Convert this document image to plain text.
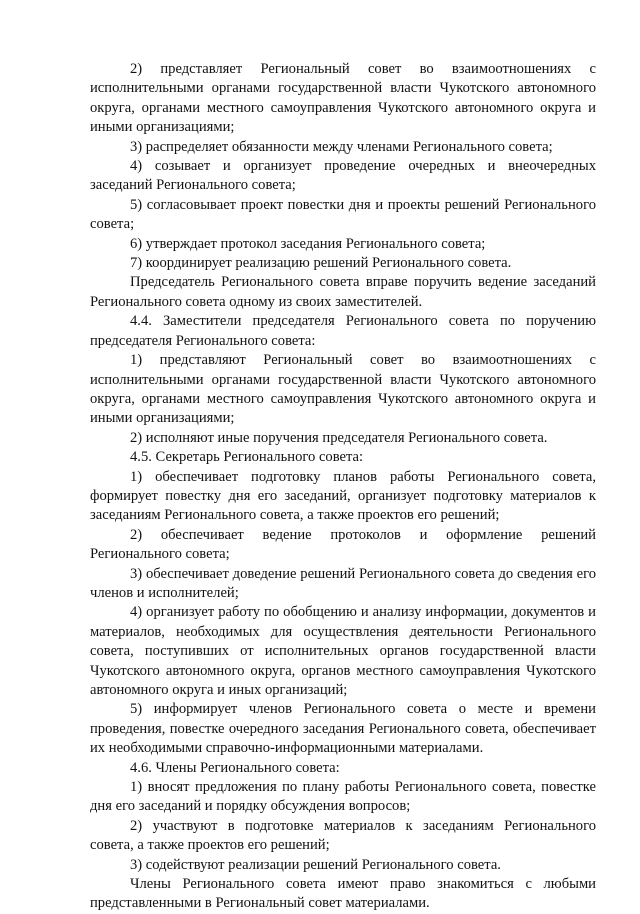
2) представляет Региональный совет во взаимоотношениях с исполнительными органами государственной власти Чукотского автономного округа, органами местного самоуправления Чукотского автономного округа и иными организациями;

3) распределяет обязанности между членами Регионального совета;

4) созывает и организует проведение очередных и внеочередных заседаний Регионального совета;

5) согласовывает проект повестки дня и проекты решений Регионального совета;

6) утверждает протокол заседания Регионального совета;

7) координирует реализацию решений Регионального совета.

Председатель Регионального совета вправе поручить ведение заседаний Регионального совета одному из своих заместителей.

4.4. Заместители председателя Регионального совета по поручению председателя Регионального совета:

1) представляют Региональный совет во взаимоотношениях с исполнительными органами государственной власти Чукотского автономного округа, органами местного самоуправления Чукотского автономного округа и иными организациями;

2) исполняют иные поручения председателя Регионального совета.

4.5. Секретарь Регионального совета:

1) обеспечивает подготовку планов работы Регионального совета, формирует повестку дня его заседаний, организует подготовку материалов к заседаниям Регионального совета, а также проектов его решений;

2) обеспечивает ведение протоколов и оформление решений Регионального совета;

3) обеспечивает доведение решений Регионального совета до сведения его членов и исполнителей;

4) организует работу по обобщению и анализу информации, документов и материалов, необходимых для осуществления деятельности Регионального совета, поступивших от исполнительных органов государственной власти Чукотского автономного округа, органов местного самоуправления Чукотского автономного округа и иных организаций;

5) информирует членов Регионального совета о месте и времени проведения, повестке очередного заседания Регионального совета, обеспечивает их необходимыми справочно-информационными материалами.

4.6. Члены Регионального совета:

1) вносят предложения по плану работы Регионального совета, повестке дня его заседаний и порядку обсуждения вопросов;

2) участвуют в подготовке материалов к заседаниям Регионального совета, а также проектов его решений;

3) содействуют реализации решений Регионального совета.

Члены Регионального совета имеют право знакомиться с любыми представленными в Региональный совет материалами.
